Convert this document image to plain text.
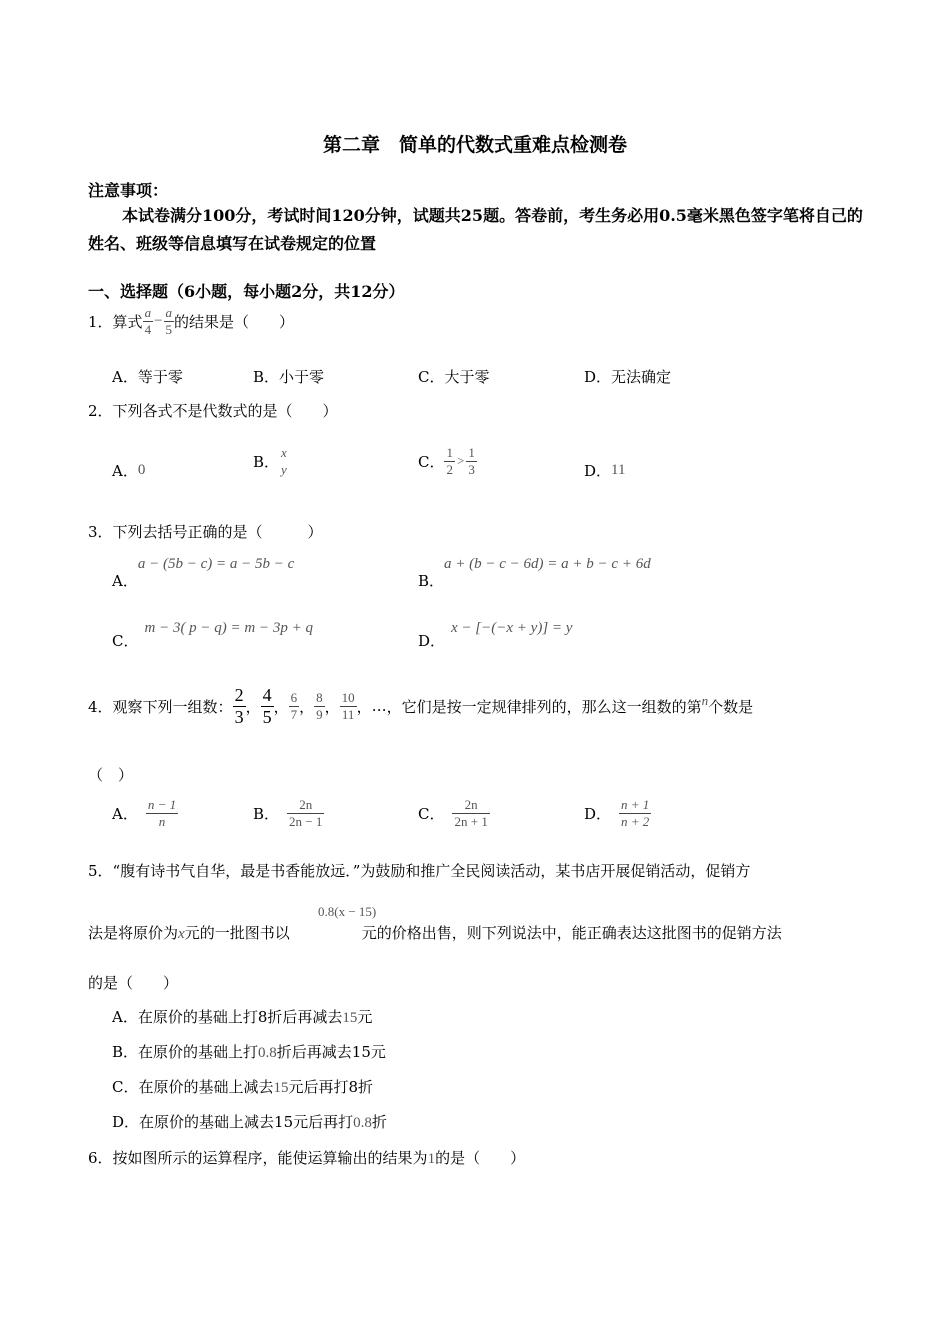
第二章　简单的代数式重难点检测卷
注意事项：
本试卷满分100分，考试时间120分钟，试题共25题。答卷前，考生务必用0.5毫米黑色签字笔将自己的姓名、班级等信息填写在试卷规定的位置
一、选择题（6小题，每小题2分，共12分）
1． 算式 $\frac{a}{4} - \frac{a}{5}$ 的结果是（　　）
A．等于零	B．小于零	C．大于零	D．无法确定
2．下列各式不是代数式的是（　　）
A． 0	B．
x
y	C． $\frac{1}{2} > \frac{1}{3}$	D． 11
3．下列去括号正确的是（　　　）
A．
a − (5b − c) = a − 5b − c
B．
a + (b − c − 6d) = a + b − c + 6d
C．
m − 3( p − q) = m − 3p + q
D．
x − [−(−x + y)] = y
4． 观察下列一组数： $\frac{2}{3}$ ， $\frac{4}{5}$ ， $\frac{6}{7}$ ， $\frac{8}{9}$ ， $\frac{10}{11}$ ， … ，它们是按一定规律排列的，那么这一组数的第 n 个数是
（　）
A． $\frac{n - 1}{n}$	B． $\frac{2n}{2n - 1}$	C． $\frac{2n}{2n + 1}$	D． $\frac{n + 1}{n + 2}$
5．“腹有诗书气自华，最是书香能放远．”为鼓励和推广全民阅读活动，某书店开展促销活动，促销方
法是将原价为x元的一批图书以	元的价格出售，则下列说法中，能正确表达这批图书的促销方法
0.8(x − 15)
的是（　　）
A．在原价的基础上打8折后再减去15元
B．在原价的基础上打0.8折后再减去15元
C．在原价的基础上减去15元后再打8折
D．在原价的基础上减去15元后再打0.8折
6．按如图所示的运算程序，能使运算输出的结果为1的是（　　）
